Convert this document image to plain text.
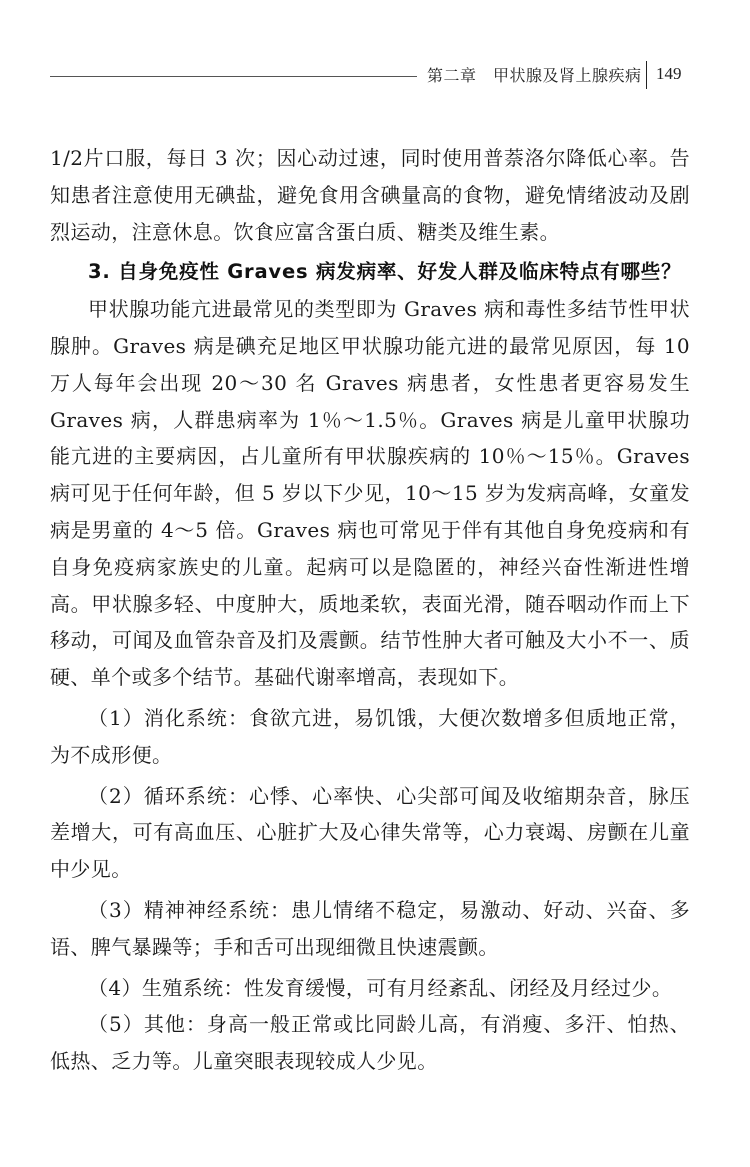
第二章　甲状腺及肾上腺疾病 149

1/2片口服，每日 3 次；因心动过速，同时使用普萘洛尔降低心率。告知患者注意使用无碘盐，避免食用含碘量高的食物，避免情绪波动及剧烈运动，注意休息。饮食应富含蛋白质、糖类及维生素。

3. 自身免疫性 Graves 病发病率、好发人群及临床特点有哪些？

甲状腺功能亢进最常见的类型即为 Graves 病和毒性多结节性甲状腺肿。Graves 病是碘充足地区甲状腺功能亢进的最常见原因，每 10 万人每年会出现 20～30 名 Graves 病患者，女性患者更容易发生 Graves 病，人群患病率为 1％～1.5％。Graves 病是儿童甲状腺功能亢进的主要病因，占儿童所有甲状腺疾病的 10％～15％。Graves 病可见于任何年龄，但 5 岁以下少见，10～15 岁为发病高峰，女童发病是男童的 4～5 倍。Graves 病也可常见于伴有其他自身免疫病和有自身免疫病家族史的儿童。起病可以是隐匿的，神经兴奋性渐进性增高。甲状腺多轻、中度肿大，质地柔软，表面光滑，随吞咽动作而上下移动，可闻及血管杂音及扪及震颤。结节性肿大者可触及大小不一、质硬、单个或多个结节。基础代谢率增高，表现如下。

（1）消化系统：食欲亢进，易饥饿，大便次数增多但质地正常，为不成形便。

（2）循环系统：心悸、心率快、心尖部可闻及收缩期杂音，脉压差增大，可有高血压、心脏扩大及心律失常等，心力衰竭、房颤在儿童中少见。

（3）精神神经系统：患儿情绪不稳定，易激动、好动、兴奋、多语、脾气暴躁等；手和舌可出现细微且快速震颤。

（4）生殖系统：性发育缓慢，可有月经紊乱、闭经及月经过少。

（5）其他：身高一般正常或比同龄儿高，有消瘦、多汗、怕热、低热、乏力等。儿童突眼表现较成人少见。
